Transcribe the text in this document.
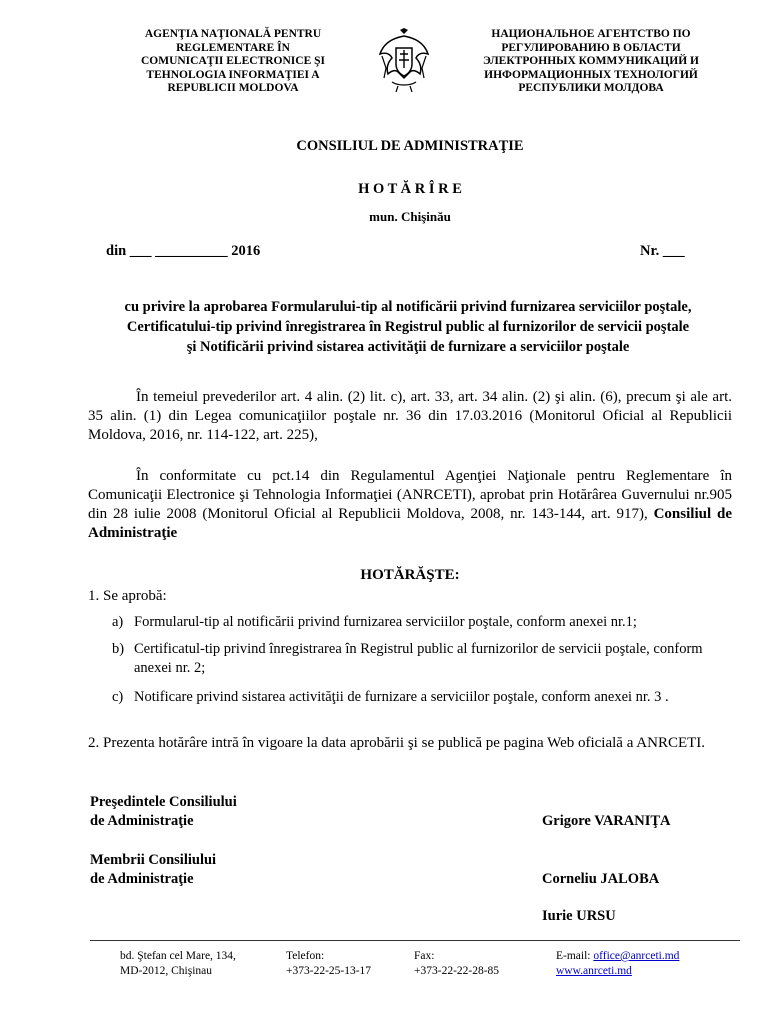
AGENŢIA NAŢIONALĂ PENTRU
REGLEMENTARE ÎN
COMUNICAŢII ELECTRONICE ŞI
TEHNOLOGIA INFORMAŢIEI A
REPUBLICII MOLDOVA
НАЦИОНАЛЬНОЕ АГЕНТСТВО ПО
РЕГУЛИРОВАНИЮ В ОБЛАСТИ
ЭЛЕКТРОННЫХ КОММУНИКАЦИЙ И
ИНФОРМАЦИОННЫХ ТЕХНОЛОГИЙ
РЕСПУБЛИКИ МОЛДОВА
CONSILIUL DE ADMINISTRAŢIE
H O T Ă R Î R E
mun. Chişinău
din ___ __________ 2016	Nr. ___
cu privire la aprobarea Formularului-tip al notificării privind furnizarea serviciilor poştale,
Certificatului-tip privind înregistrarea în Registrul public al furnizorilor de servicii poştale
şi Notificării privind sistarea activităţii de furnizare a serviciilor poştale
În temeiul prevederilor art. 4 alin. (2) lit. c), art. 33, art. 34 alin. (2) şi alin. (6), precum şi ale art. 35 alin. (1) din Legea comunicaţiilor poştale nr. 36 din 17.03.2016 (Monitorul Oficial al Republicii Moldova, 2016, nr. 114-122, art. 225),
În conformitate cu pct.14 din Regulamentul Agenţiei Naţionale pentru Reglementare în Comunicaţii Electronice şi Tehnologia Informaţiei (ANRCETI), aprobat prin Hotărârea Guvernului nr.905 din 28 iulie 2008 (Monitorul Oficial al Republicii Moldova, 2008, nr. 143-144, art. 917), Consiliul de Administraţie
HOTĂRĂŞTE:
1. Se aprobă:
a) Formularul-tip al notificării privind furnizarea serviciilor poştale, conform anexei nr.1;
b) Certificatul-tip privind înregistrarea în Registrul public al furnizorilor de servicii poştale, conform anexei nr. 2;
c) Notificare privind sistarea activităţii de furnizare a serviciilor poştale, conform anexei nr. 3 .
2. Prezenta hotărâre intră în vigoare la data aprobării şi se publică pe pagina Web oficială a ANRCETI.
Preşedintele Consiliului
de Administraţie	Grigore VARANIŢA
Membrii Consiliului
de Administraţie	Corneliu JALOBA
Iurie URSU
bd. Ştefan cel Mare, 134,
MD-2012, Chişinau
Telefon:
+373-22-25-13-17
Fax:
+373-22-22-28-85
E-mail: office@anrceti.md
www.anrceti.md
